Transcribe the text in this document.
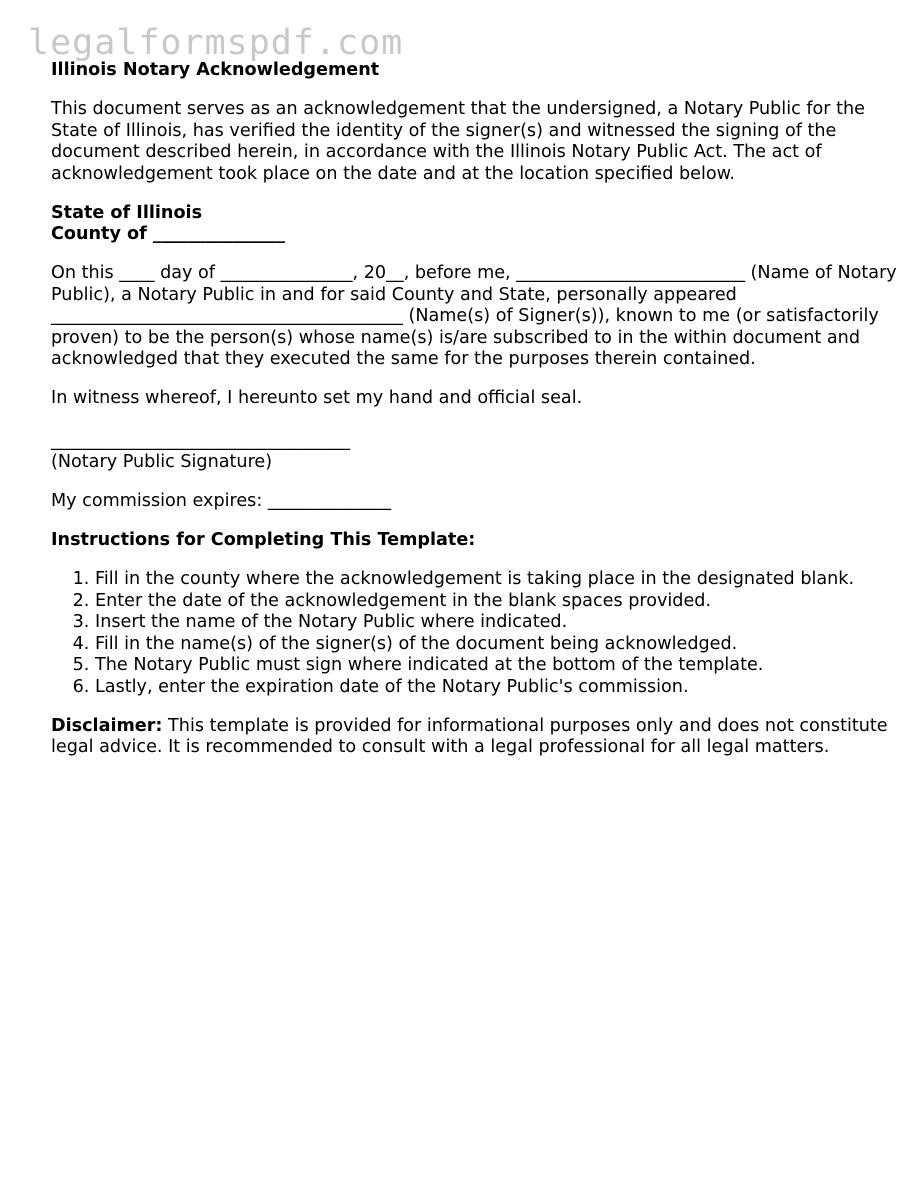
legalformspdf.com

Illinois Notary Acknowledgement

This document serves as an acknowledgement that the undersigned, a Notary Public for the State of Illinois, has verified the identity of the signer(s) and witnessed the signing of the document described herein, in accordance with the Illinois Notary Public Act. The act of acknowledgement took place on the date and at the location specified below.

State of Illinois
County of _______________

On this ____ day of _______________, 20__, before me, __________________________ (Name of Notary Public), a Notary Public in and for said County and State, personally appeared ________________________________________ (Name(s) of Signer(s)), known to me (or satisfactorily proven) to be the person(s) whose name(s) is/are subscribed to in the within document and acknowledged that they executed the same for the purposes therein contained.

In witness whereof, I hereunto set my hand and official seal.

__________________________________
(Notary Public Signature)

My commission expires: ______________

Instructions for Completing This Template:

1. Fill in the county where the acknowledgement is taking place in the designated blank.
2. Enter the date of the acknowledgement in the blank spaces provided.
3. Insert the name of the Notary Public where indicated.
4. Fill in the name(s) of the signer(s) of the document being acknowledged.
5. The Notary Public must sign where indicated at the bottom of the template.
6. Lastly, enter the expiration date of the Notary Public's commission.

Disclaimer: This template is provided for informational purposes only and does not constitute legal advice. It is recommended to consult with a legal professional for all legal matters.
